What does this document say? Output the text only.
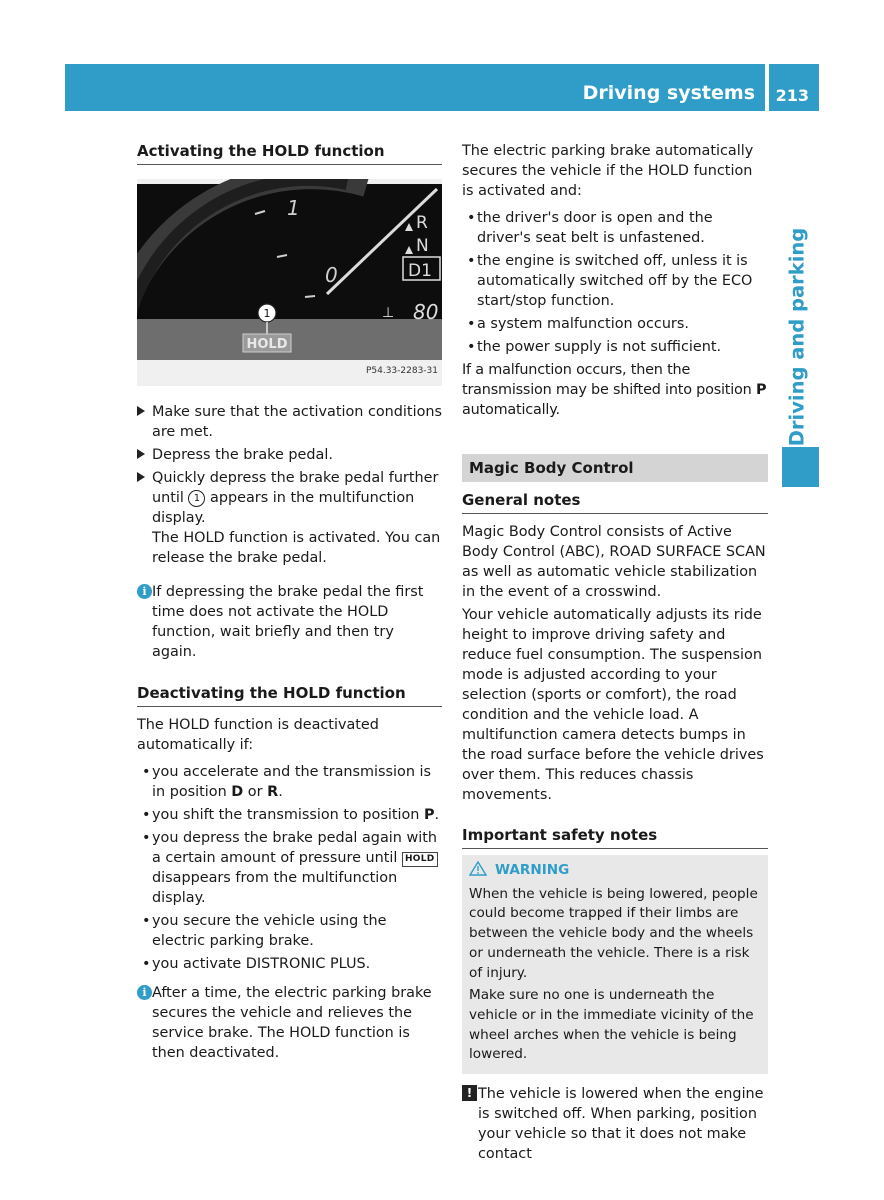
Driving systems 213
Driving and parking
Activating the HOLD function
1
0
R
N
D1
⊥ 80
1
HOLD
P54.33-2283-31
Make sure that the activation conditions are met.
Depress the brake pedal.
Quickly depress the brake pedal further until 1 appears in the multifunction display.
The HOLD function is activated. You can release the brake pedal.
i If depressing the brake pedal the first time does not activate the HOLD function, wait briefly and then try again.
Deactivating the HOLD function

The HOLD function is deactivated automatically if:

• you accelerate and the transmission is in position D or R.
• you shift the transmission to position P.
• you depress the brake pedal again with a certain amount of pressure until HOLD disappears from the multifunction display.
• you secure the vehicle using the electric parking brake.
• you activate DISTRONIC PLUS.
i After a time, the electric parking brake secures the vehicle and relieves the service brake. The HOLD function is then deactivated.

The electric parking brake automatically secures the vehicle if the HOLD function is activated and:

• the driver's door is open and the driver's seat belt is unfastened.
• the engine is switched off, unless it is automatically switched off by the ECO start/stop function.
• a system malfunction occurs.
• the power supply is not sufficient.

If a malfunction occurs, then the transmission may be shifted into position P automatically.

Magic Body Control
General notes

Magic Body Control consists of Active Body Control (ABC), ROAD SURFACE SCAN as well as automatic vehicle stabilization in the event of a crosswind.

Your vehicle automatically adjusts its ride height to improve driving safety and reduce fuel consumption. The suspension mode is adjusted according to your selection (sports or comfort), the road condition and the vehicle load. A multifunction camera detects bumps in the road surface before the vehicle drives over them. This reduces chassis movements.

Important safety notes
WARNING

When the vehicle is being lowered, people could become trapped if their limbs are between the vehicle body and the wheels or underneath the vehicle. There is a risk of injury.

Make sure no one is underneath the vehicle or in the immediate vicinity of the wheel arches when the vehicle is being lowered.

! The vehicle is lowered when the engine is switched off. When parking, position your vehicle so that it does not make contact
